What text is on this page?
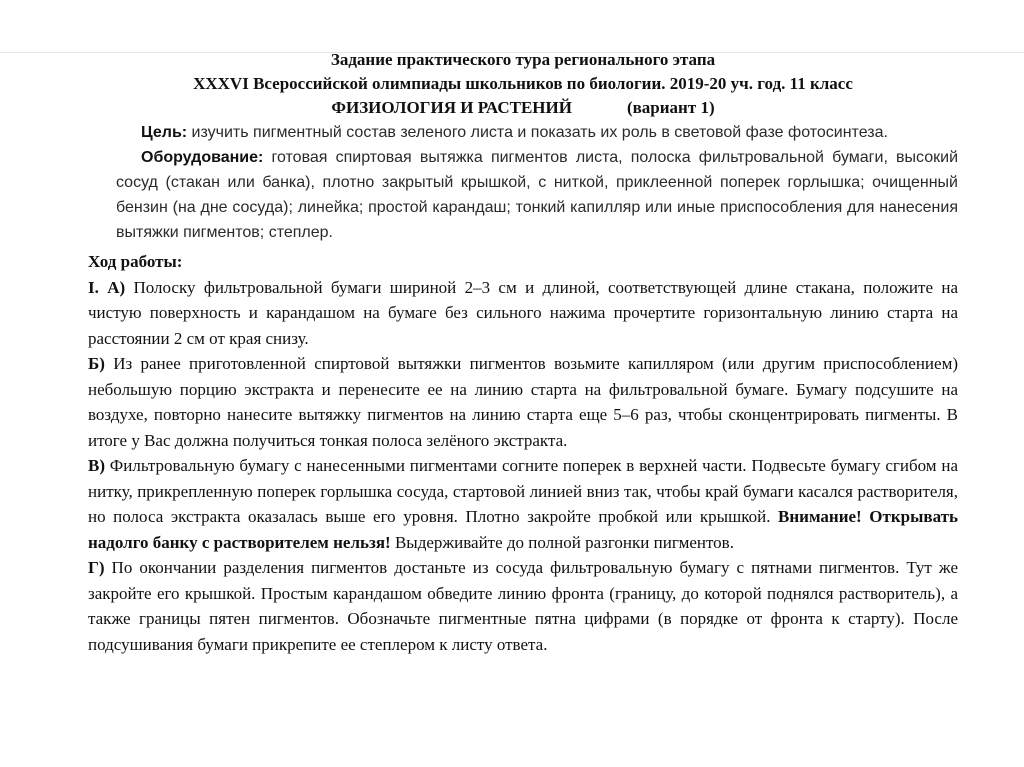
Задание практического тура регионального этапа
XXXVI Всероссийской олимпиады школьников по биологии. 2019-20 уч. год. 11 класс
ФИЗИОЛОГИЯ И РАСТЕНИЙ	(вариант 1)

Цель: изучить пигментный состав зеленого листа и показать их роль в световой фазе фотосинтеза.

Оборудование: готовая спиртовая вытяжка пигментов листа, полоска фильтровальной бумаги, высокий сосуд (стакан или банка), плотно закрытый крышкой, с ниткой, приклеенной поперек горлышка; очищенный бензин (на дне сосуда); линейка; простой карандаш; тонкий капилляр или иные приспособления для нанесения вытяжки пигментов; степлер.

Ход работы:

I. А) Полоску фильтровальной бумаги шириной 2–3 см и длиной, соответствующей длине стакана, положите на чистую поверхность и карандашом на бумаге без сильного нажима прочертите горизонтальную линию старта на расстоянии 2 см от края снизу.

Б) Из ранее приготовленной спиртовой вытяжки пигментов возьмите капилляром (или другим приспособлением) небольшую порцию экстракта и перенесите ее на линию старта на фильтровальной бумаге. Бумагу подсушите на воздухе, повторно нанесите вытяжку пигментов на линию старта еще 5–6 раз, чтобы сконцентрировать пигменты. В итоге у Вас должна получиться тонкая полоса зелёного экстракта.

В) Фильтровальную бумагу с нанесенными пигментами согните поперек в верхней части. Подвесьте бумагу сгибом на нитку, прикрепленную поперек горлышка сосуда, стартовой линией вниз так, чтобы край бумаги касался растворителя, но полоса экстракта оказалась выше его уровня. Плотно закройте пробкой или крышкой. Внимание! Открывать надолго банку с растворителем нельзя! Выдерживайте до полной разгонки пигментов.

Г) По окончании разделения пигментов достаньте из сосуда фильтровальную бумагу с пятнами пигментов. Тут же закройте его крышкой. Простым карандашом обведите линию фронта (границу, до которой поднялся растворитель), а также границы пятен пигментов. Обозначьте пигментные пятна цифрами (в порядке от фронта к старту). После подсушивания бумаги прикрепите ее степлером к листу ответа.
